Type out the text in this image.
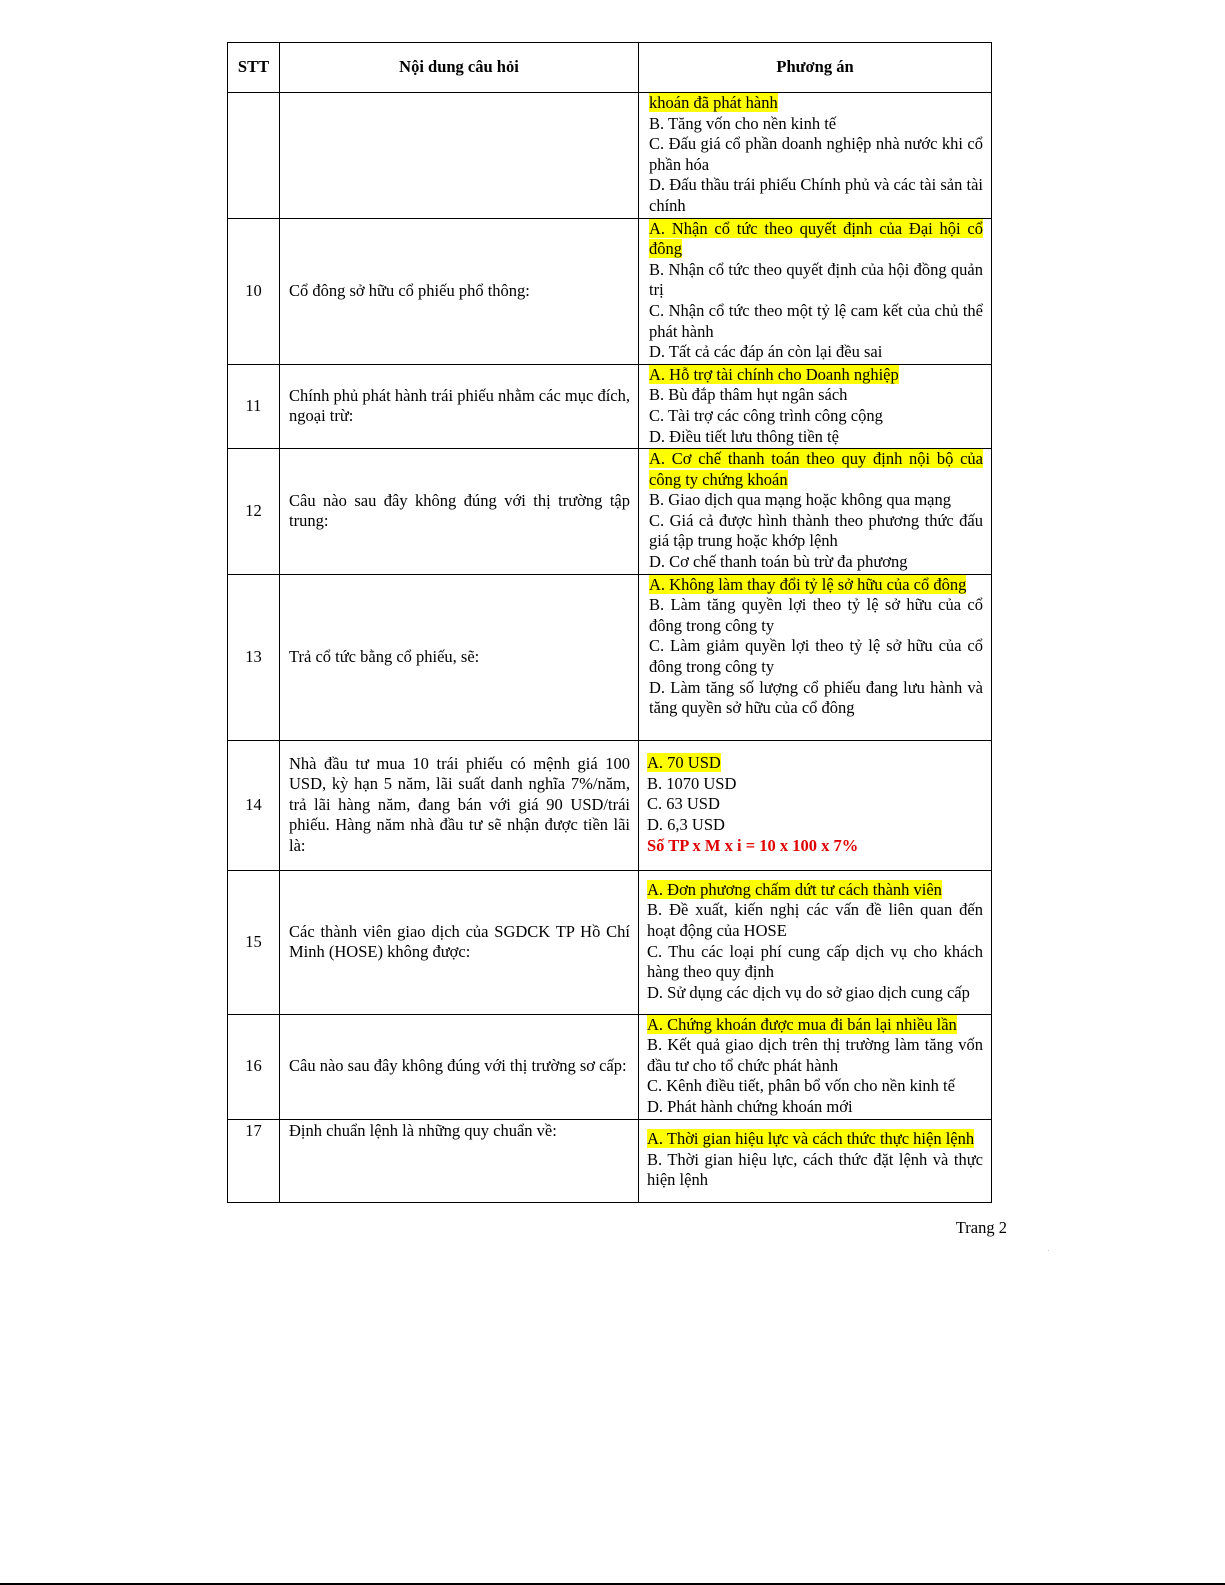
STT	Nội dung câu hỏi	Phương án

		khoán đã phát hành
B. Tăng vốn cho nền kinh tế
C. Đấu giá cổ phần doanh nghiệp nhà nước khi cổ phần hóa
D. Đấu thầu trái phiếu Chính phủ và các tài sản tài chính

10	Cổ đông sở hữu cổ phiếu phổ thông:	A. Nhận cổ tức theo quyết định của Đại hội cổ đông
B. Nhận cổ tức theo quyết định của hội đồng quản trị
C. Nhận cổ tức theo một tỷ lệ cam kết của chủ thể phát hành
D. Tất cả các đáp án còn lại đều sai

11	Chính phủ phát hành trái phiếu nhằm các mục đích, ngoại trừ:	A. Hỗ trợ tài chính cho Doanh nghiệp
B. Bù đắp thâm hụt ngân sách
C. Tài trợ các công trình công cộng
D. Điều tiết lưu thông tiền tệ

12	Câu nào sau đây không đúng với thị trường tập trung:	A. Cơ chế thanh toán theo quy định nội bộ của công ty chứng khoán
B. Giao dịch qua mạng hoặc không qua mạng
C. Giá cả được hình thành theo phương thức đấu giá tập trung hoặc khớp lệnh
D. Cơ chế thanh toán bù trừ đa phương

13	Trả cổ tức bằng cổ phiếu, sẽ:	A. Không làm thay đổi tỷ lệ sở hữu của cổ đông
B. Làm tăng quyền lợi theo tỷ lệ sở hữu của cổ đông trong công ty
C. Làm giảm quyền lợi theo tỷ lệ sở hữu của cổ đông trong công ty
D. Làm tăng số lượng cổ phiếu đang lưu hành và tăng quyền sở hữu của cổ đông

14	Nhà đầu tư mua 10 trái phiếu có mệnh giá 100 USD, kỳ hạn 5 năm, lãi suất danh nghĩa 7%/năm, trả lãi hàng năm, đang bán với giá 90 USD/trái phiếu. Hàng năm nhà đầu tư sẽ nhận được tiền lãi là:	A. 70 USD
B. 1070 USD
C. 63 USD
D. 6,3 USD
Số TP x M x i = 10 x 100 x 7%

15	Các thành viên giao dịch của SGDCK TP Hồ Chí Minh (HOSE) không được:	A. Đơn phương chấm dứt tư cách thành viên
B. Đề xuất, kiến nghị các vấn đề liên quan đến hoạt động của HOSE
C. Thu các loại phí cung cấp dịch vụ cho khách hàng theo quy định
D. Sử dụng các dịch vụ do sở giao dịch cung cấp

16	Câu nào sau đây không đúng với thị trường sơ cấp:	A. Chứng khoán được mua đi bán lại nhiều lần
B. Kết quả giao dịch trên thị trường làm tăng vốn đầu tư cho tổ chức phát hành
C. Kênh điều tiết, phân bổ vốn cho nền kinh tế
D. Phát hành chứng khoán mới

17	Định chuẩn lệnh là những quy chuẩn về:	A. Thời gian hiệu lực và cách thức thực hiện lệnh
B. Thời gian hiệu lực, cách thức đặt lệnh và thực hiện lệnh
Trang 2
